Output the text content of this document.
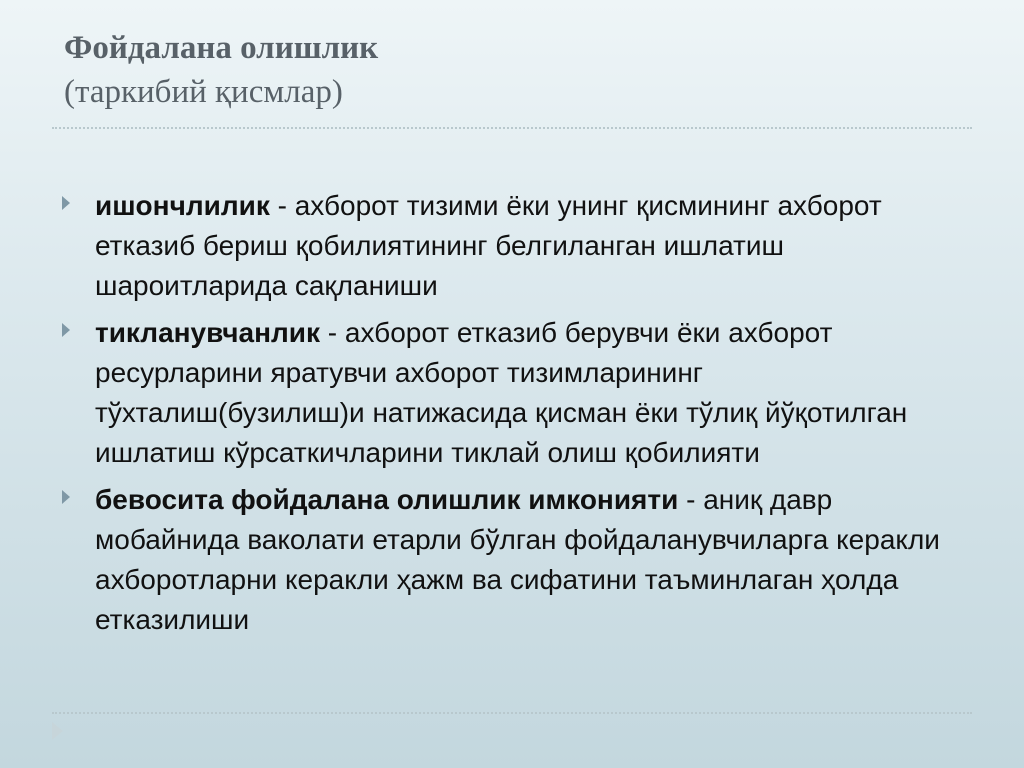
Фойдалана олишлик
(таркибий қисмлар)
ишончлилик - ахборот тизими ёки унинг қисмининг ахборот етказиб бериш қобилиятининг белгиланган ишлатиш шароитларида сақланиши
тикланувчанлик - ахборот етказиб берувчи ёки ахборот ресурларини яратувчи ахборот тизимларининг тўхталиш(бузилиш)и натижасида қисман ёки тўлиқ йўқотилган ишлатиш кўрсаткичларини тиклай олиш қобилияти
бевосита фойдалана олишлик имконияти - аниқ давр мобайнида ваколати етарли бўлган фойдаланувчиларга керакли ахборотларни керакли ҳажм ва сифатини таъминлаган ҳолда етказилиши
